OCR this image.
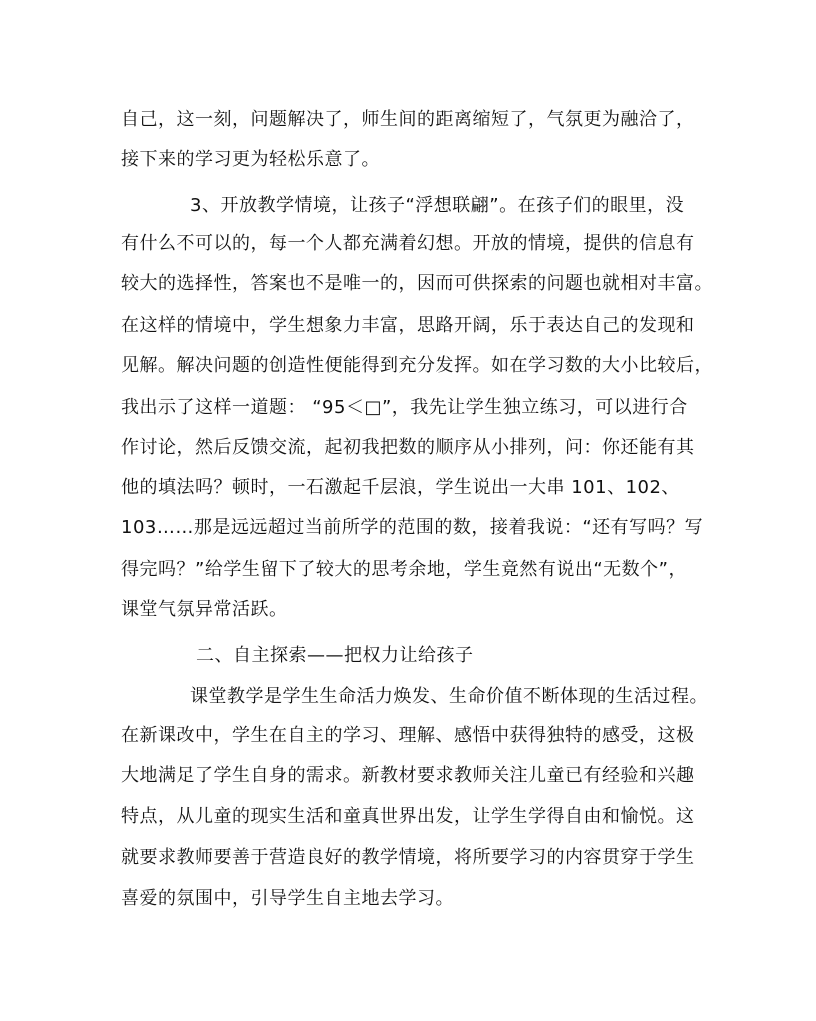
自己，这一刻，问题解决了，师生间的距离缩短了，气氛更为融洽了，
接下来的学习更为轻松乐意了。
3、开放教学情境，让孩子“浮想联翩”。在孩子们的眼里，没
有什么不可以的，每一个人都充满着幻想。开放的情境，提供的信息有
较大的选择性，答案也不是唯一的，因而可供探索的问题也就相对丰富。
在这样的情境中，学生想象力丰富，思路开阔，乐于表达自己的发现和
见解。解决问题的创造性便能得到充分发挥。如在学习数的大小比较后，
我出示了这样一道题： “95＜□”，我先让学生独立练习，可以进行合
作讨论，然后反馈交流，起初我把数的顺序从小排列，问：你还能有其
他的填法吗？顿时，一石激起千层浪，学生说出一大串 101、102、
103……那是远远超过当前所学的范围的数，接着我说：“还有写吗？写
得完吗？”给学生留下了较大的思考余地，学生竟然有说出“无数个”，
课堂气氛异常活跃。
二、自主探索——把权力让给孩子
课堂教学是学生生命活力焕发、生命价值不断体现的生活过程。
在新课改中，学生在自主的学习、理解、感悟中获得独特的感受，这极
大地满足了学生自身的需求。新教材要求教师关注儿童已有经验和兴趣
特点，从儿童的现实生活和童真世界出发，让学生学得自由和愉悦。这
就要求教师要善于营造良好的教学情境，将所要学习的内容贯穿于学生
喜爱的氛围中，引导学生自主地去学习。
